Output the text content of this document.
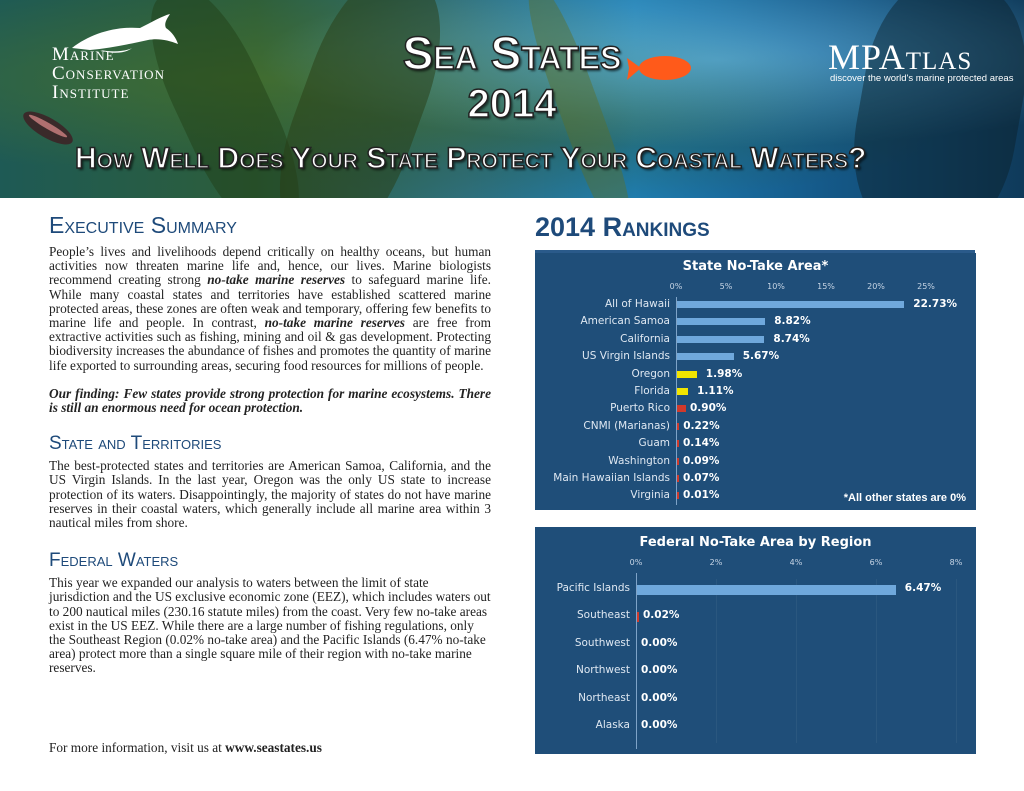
Marine
Conservation
Institute
Sea States
2014
How Well Does Your State Protect Your Coastal Waters?
MPAtlas
discover the world's marine protected areas
Executive Summary

People’s lives and livelihoods depend critically on healthy oceans, but human activities now threaten marine life and, hence, our lives. Marine biologists recommend creating strong no-take marine reserves to safeguard marine life. While many coastal states and territories have established scattered marine protected areas, these zones are often weak and temporary, offering few benefits to marine life and people. In contrast, no-take marine reserves are free from extractive activities such as fishing, mining and oil & gas development. Protecting biodiversity increases the abundance of fishes and promotes the quantity of marine life exported to surrounding areas, securing food resources for millions of people.

Our finding: Few states provide strong protection for marine ecosystems. There is still an enormous need for ocean protection.

State and Territories

The best-protected states and territories are American Samoa, California, and the US Virgin Islands. In the last year, Oregon was the only US state to increase protection of its waters. Disappointingly, the majority of states do not have marine reserves in their coastal waters, which generally include all marine area within 3 nautical miles from shore.

Federal Waters

This year we expanded our analysis to waters between the limit of state jurisdiction and the US exclusive economic zone (EEZ), which includes waters out to 200 nautical miles (230.16 statute miles) from the coast. Very few no-take areas exist in the US EEZ. While there are a large number of fishing regulations, only the Southeast Region (0.02% no-take area) and the Pacific Islands (6.47% no-take area) protect more than a single square mile of their region with no-take marine reserves.

For more information, visit us at www.seastates.us

2014 Rankings
State No-Take Area*
0%	5%	10%	15%	20%	25%
All of Hawaii	22.73%
American Samoa	8.82%
California	8.74%
US Virgin Islands	5.67%
Oregon	1.98%
Florida	1.11%
Puerto Rico 0.90%
CNMI (Marianas) 0.22%
Guam 0.14%
Washington 0.09%
Main Hawaiian Islands 0.07%
Virginia 0.01%	*All other states are 0%
Federal No-Take Area by Region
0%	2%	4%	6%	8%
Pacific Islands	6.47%
Southeast 0.02%
Southwest 0.00%
Northwest 0.00%
Northeast 0.00%
Alaska 0.00%
